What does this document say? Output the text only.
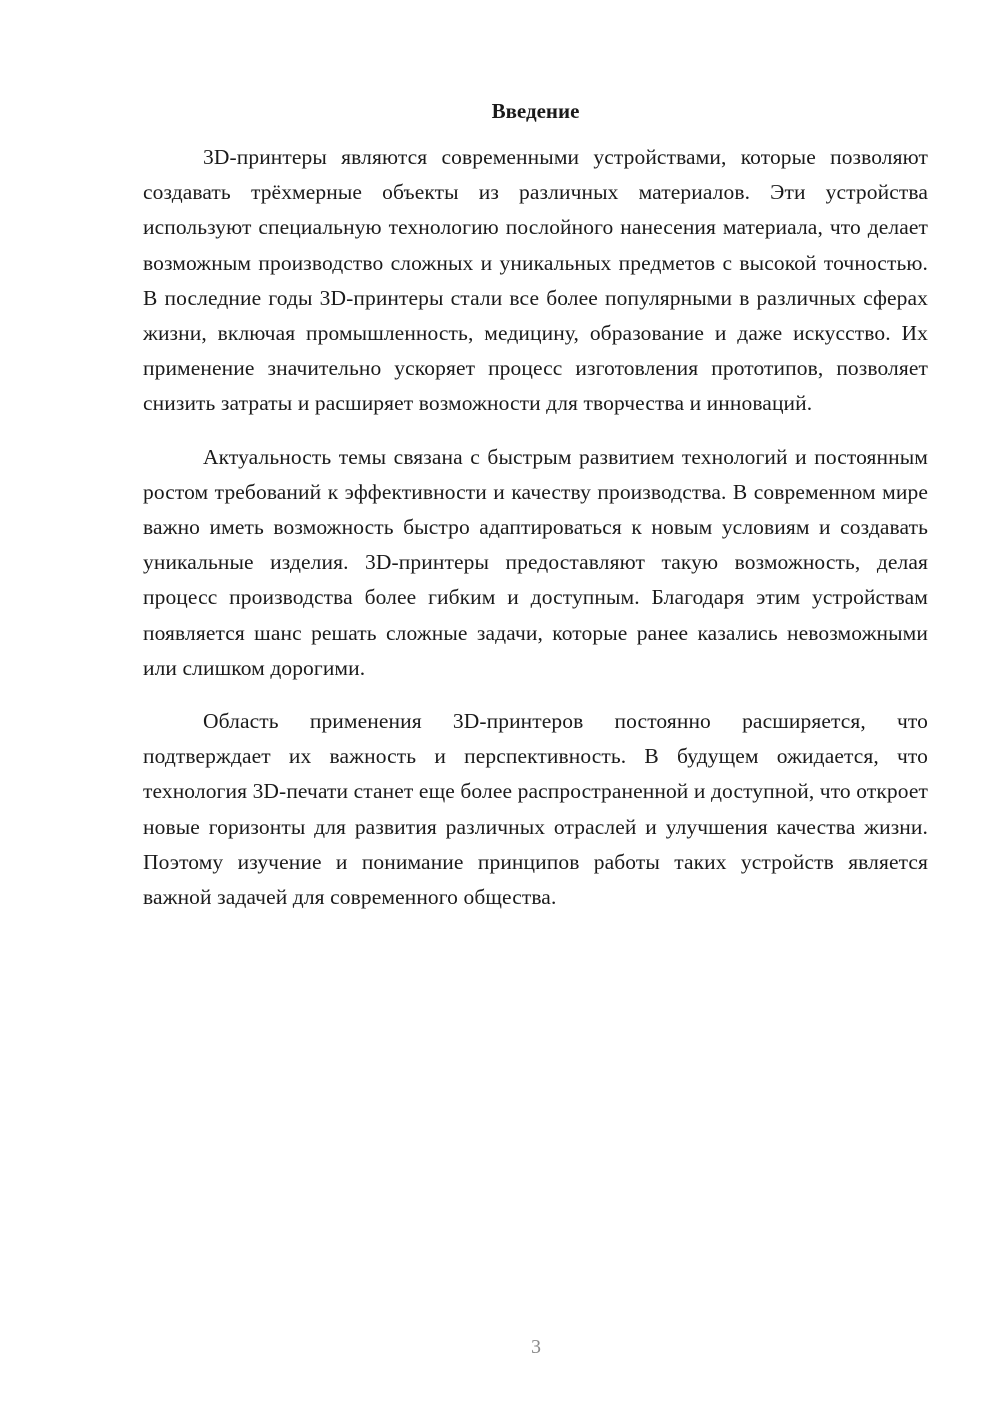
Введение

3D-принтеры являются современными устройствами, которые позволяют создавать трёхмерные объекты из различных материалов. Эти устройства используют специальную технологию послойного нанесения материала, что делает возможным производство сложных и уникальных предметов с высокой точностью. В последние годы 3D-принтеры стали все более популярными в различных сферах жизни, включая промышленность, медицину, образование и даже искусство. Их применение значительно ускоряет процесс изготовления прототипов, позволяет снизить затраты и расширяет возможности для творчества и инноваций.

Актуальность темы связана с быстрым развитием технологий и постоянным ростом требований к эффективности и качеству производства. В современном мире важно иметь возможность быстро адаптироваться к новым условиям и создавать уникальные изделия. 3D-принтеры предоставляют такую возможность, делая процесс производства более гибким и доступным. Благодаря этим устройствам появляется шанс решать сложные задачи, которые ранее казались невозможными или слишком дорогими.

Область применения 3D-принтеров постоянно расширяется, что подтверждает их важность и перспективность. В будущем ожидается, что технология 3D-печати станет еще более распространенной и доступной, что откроет новые горизонты для развития различных отраслей и улучшения качества жизни. Поэтому изучение и понимание принципов работы таких устройств является важной задачей для современного общества.

3
